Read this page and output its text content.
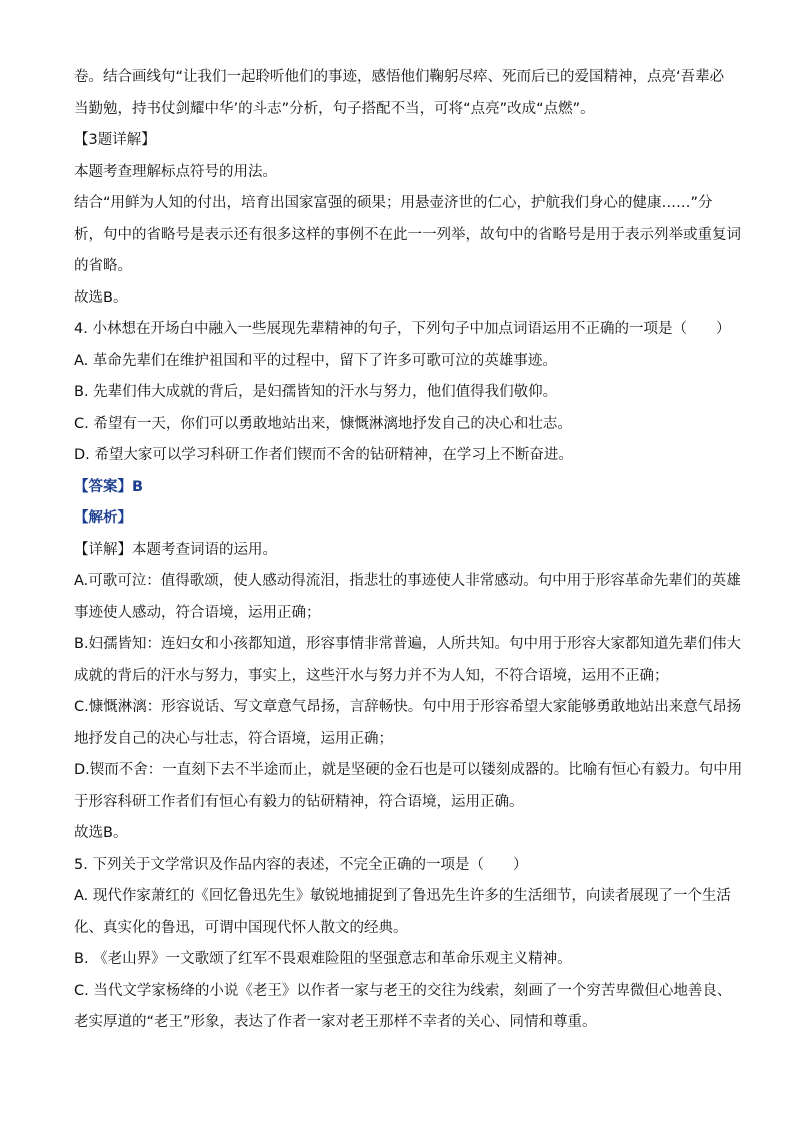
卷。结合画线句“让我们一起聆听他们的事迹，感悟他们鞠躬尽瘁、死而后已的爱国精神，点亮‘吾辈必
当勤勉，持书仗剑耀中华’的斗志”分析，句子搭配不当，可将“点亮”改成“点燃”。
【3题详解】
本题考查理解标点符号的用法。
结合“用鲜为人知的付出，培育出国家富强的硕果；用悬壶济世的仁心，护航我们身心的健康……”分
析，句中的省略号是表示还有很多这样的事例不在此一一列举，故句中的省略号是用于表示列举或重复词
的省略。
故选B。
4. 小林想在开场白中融入一些展现先辈精神的句子，下列句子中加点词语运用不正确的一项是（　　）
A. 革命先辈们在维护祖国和平的过程中，留下了许多可歌可泣的英雄事迹。
B. 先辈们伟大成就的背后，是妇孺皆知的汗水与努力，他们值得我们敬仰。
C. 希望有一天，你们可以勇敢地站出来，慷慨淋漓地抒发自己的决心和壮志。
D. 希望大家可以学习科研工作者们锲而不舍的钻研精神，在学习上不断奋进。
【答案】B
【解析】
【详解】本题考查词语的运用。
A.可歌可泣：值得歌颂，使人感动得流泪，指悲壮的事迹使人非常感动。句中用于形容革命先辈们的英雄
事迹使人感动，符合语境，运用正确；
B.妇孺皆知：连妇女和小孩都知道，形容事情非常普遍，人所共知。句中用于形容大家都知道先辈们伟大
成就的背后的汗水与努力，事实上，这些汗水与努力并不为人知，不符合语境，运用不正确；
C.慷慨淋漓：形容说话、写文章意气昂扬，言辞畅快。句中用于形容希望大家能够勇敢地站出来意气昂扬
地抒发自己的决心与壮志，符合语境，运用正确；
D.锲而不舍：一直刻下去不半途而止，就是坚硬的金石也是可以镂刻成器的。比喻有恒心有毅力。句中用
于形容科研工作者们有恒心有毅力的钻研精神，符合语境，运用正确。
故选B。
5. 下列关于文学常识及作品内容的表述，不完全正确的一项是（　　）
A. 现代作家萧红的《回忆鲁迅先生》敏锐地捕捉到了鲁迅先生许多的生活细节，向读者展现了一个生活
化、真实化的鲁迅，可谓中国现代怀人散文的经典。
B. 《老山界》一文歌颂了红军不畏艰难险阻的坚强意志和革命乐观主义精神。
C. 当代文学家杨绛的小说《老王》以作者一家与老王的交往为线索，刻画了一个穷苦卑微但心地善良、
老实厚道的“老王”形象，表达了作者一家对老王那样不幸者的关心、同情和尊重。
